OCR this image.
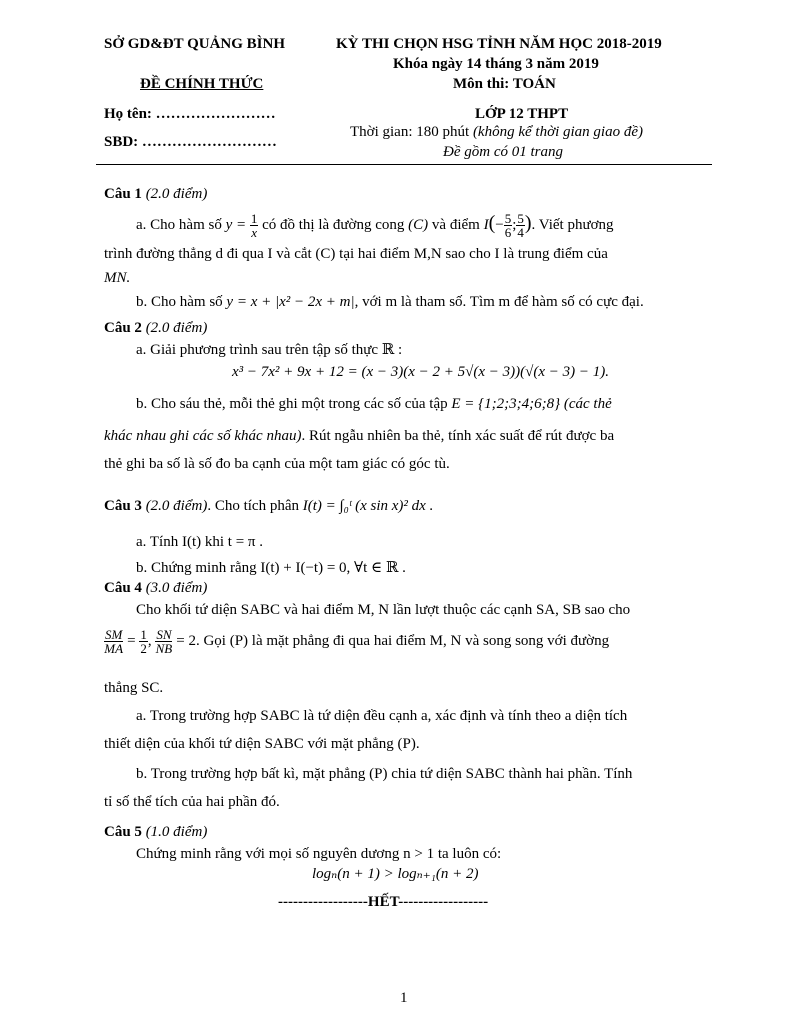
SỞ GD&ĐT QUẢNG BÌNH	KỲ THI CHỌN HSG TỈNH NĂM HỌC 2018-2019
Khóa ngày 14 tháng 3 năm 2019
ĐỀ CHÍNH THỨC	Môn thi: TOÁN
Họ tên: ……………………	LỚP 12 THPT
SBD: ………………………
Thời gian: 180 phút (không kể thời gian giao đề)
Đề gồm có 01 trang
Câu 1 (2.0 điểm)
a. Cho hàm số $y = \frac{1}{x}$ có đồ thị là đường cong (C) và điểm $I(- \frac{5}{6}$ ; $\frac{5}{4}$ ). Viết phương
trình đường thẳng d đi qua I và cắt (C) tại hai điểm M,N sao cho I là trung điểm của
MN.
b. Cho hàm số y = x + |x² − 2x + m|, với m là tham số. Tìm m để hàm số có cực đại.
Câu 2 (2.0 điểm)
a. Giải phương trình sau trên tập số thực ℝ :
x³ − 7x² + 9x + 12 = (x − 3)(x − 2 + 5√(x − 3))(√(x − 3) − 1).
b. Cho sáu thẻ, mỗi thẻ ghi một trong các số của tập E = {1;2;3;4;6;8} (các thẻ
khác nhau ghi các số khác nhau). Rút ngẫu nhiên ba thẻ, tính xác suất để rút được ba
thẻ ghi ba số là số đo ba cạnh của một tam giác có góc tù.
Câu 3 (2.0 điểm). Cho tích phân I(t) = ∫₀ᵗ (x sin x)² dx .
a. Tính I(t) khi t = π .
b. Chứng minh rằng I(t) + I(−t) = 0, ∀t ∈ ℝ .
Câu 4 (3.0 điểm)
Cho khối tứ diện SABC và hai điểm M, N lần lượt thuộc các cạnh SA, SB sao cho
$\frac{SM}{MA} = \frac{1}{2}$ , $\frac{SN}{NB} = 2$. Gọi (P) là mặt phẳng đi qua hai điểm M, N và song song với đường
thẳng SC.
a. Trong trường hợp SABC là tứ diện đều cạnh a, xác định và tính theo a diện tích
thiết diện của khối tứ diện SABC với mặt phẳng (P).
b. Trong trường hợp bất kì, mặt phẳng (P) chia tứ diện SABC thành hai phần. Tính
tỉ số thể tích của hai phần đó.
Câu 5 (1.0 điểm)
Chứng minh rằng với mọi số nguyên dương n > 1 ta luôn có:
logₙ(n + 1) > logₙ₊₁(n + 2)
------------------HẾT------------------
1
